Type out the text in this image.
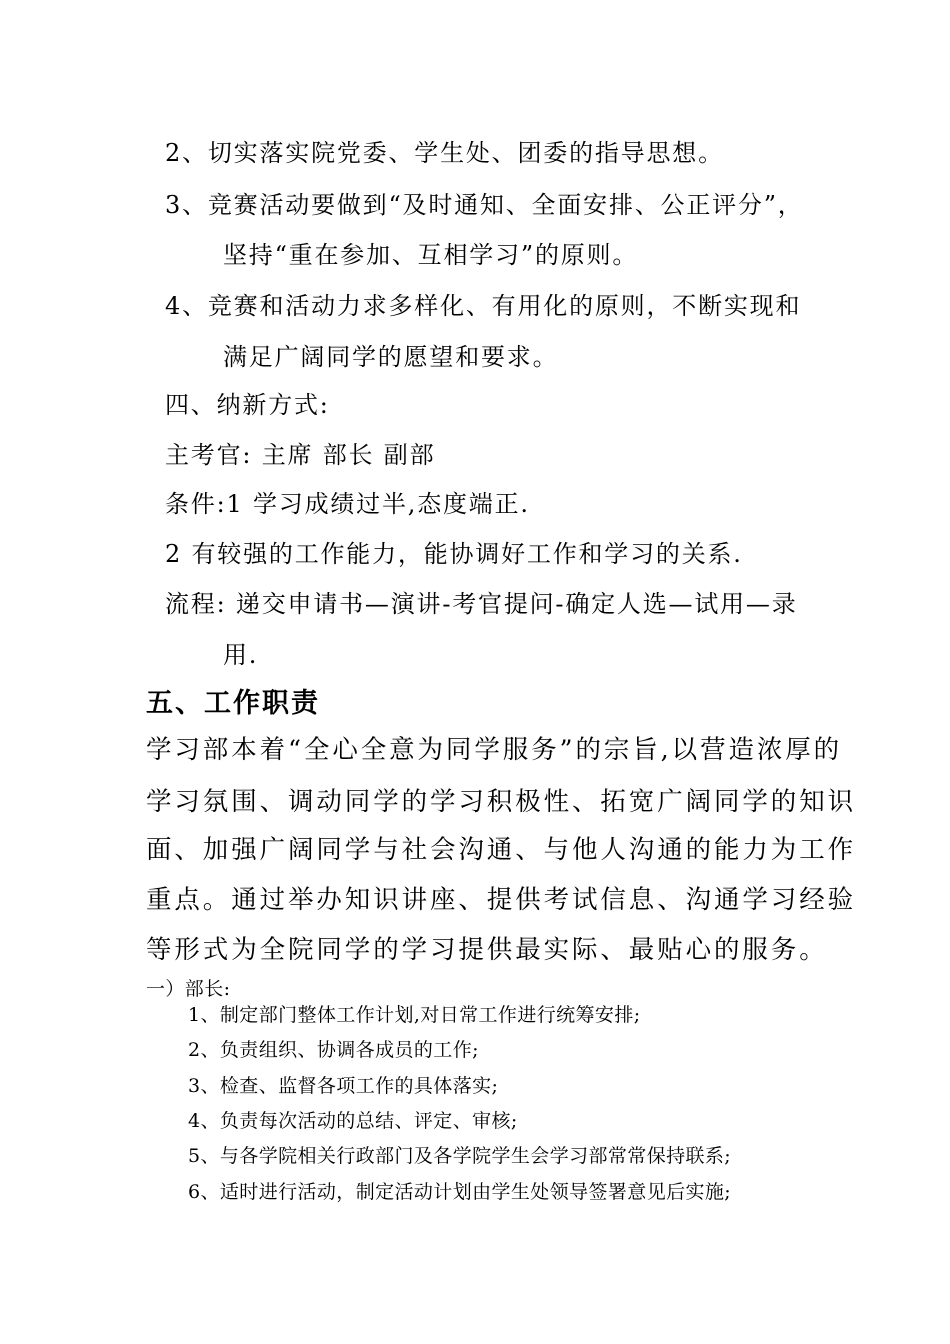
2、切实落实院党委、学生处、团委的指导思想。

3、竞赛活动要做到“及时通知、全面安排、公正评分”，

坚持“重在参加、互相学习”的原则。

4、竞赛和活动力求多样化、有用化的原则，不断实现和

满足广阔同学的愿望和要求。

四、纳新方式:

主考官: 主席 部长 副部

条件:1 学习成绩过半,态度端正.

2 有较强的工作能力，能协调好工作和学习的关系.

流程: 递交申请书—演讲-考官提问-确定人选—试用—录

用.

五、工作职责

学习部本着“全心全意为同学服务”的宗旨,以营造浓厚的

学习氛围、调动同学的学习积极性、拓宽广阔同学的知识

面、加强广阔同学与社会沟通、与他人沟通的能力为工作

重点。通过举办知识讲座、提供考试信息、沟通学习经验

等形式为全院同学的学习提供最实际、最贴心的服务。

一）部长:

1、制定部门整体工作计划,对日常工作进行统筹安排;

2、负责组织、协调各成员的工作;

3、检查、监督各项工作的具体落实;

4、负责每次活动的总结、评定、审核;

5、与各学院相关行政部门及各学院学生会学习部常常保持联系;

6、适时进行活动，制定活动计划由学生处领导签署意见后实施;
